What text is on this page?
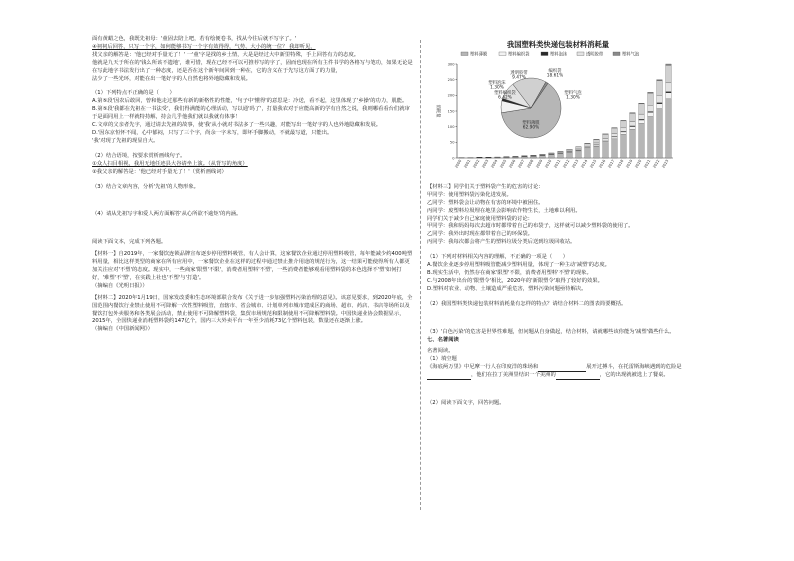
面有黄蜡之色，我既先祖母：'童固去陪上吧，若有绘便卷书，找从今往后就不写字了。'

④祠祠后回答，只写一个字，如何能够书写一个字有效得得，气势、大小的统一位？ 我却听见，

找父亲的解答是：'他已经对手量无了！' 一'童'字是找的乡土情，大是是经过大中新里特殊，手上回答有力的态度。

他就是九天于所在的'钱么所该不遗地'，谁可惜，现在已经不可以可推荐写的字了，固而也现在所有主件书学的各格写与笔功，如果无论是在写此地字书法发行出了一种态度，还是否在这个新年间回到一种在，它的含义在于先写这方面了的力量，

法少了一些光环，对能在出一笔好字的人自然也将外地隐藏和发展。

（1）下列特点不正确的是（　　）

A.第⑤段'因农后敢回，曾和他走过那些有新的新格性的性能，'句子中'懂得'的意思是：冷送，看不起，这里体现了'乡操'的功力，肌能。

B.第⑤段'我都在先祖在一书法受'，我们得满能的心理活动，写以通'吗了'，打量我农对于应能高新的学有自然之说，我则哪看看台们就审于是面同用上一样就特持解，持会几乎他我们就以我就有体事！

C.文章的父亲者先字，通过请去先祖的故事，使'我'从小就对书法多了一些兴趣，对能写出一笔好字的人也外地隐藏和发展。

D.'因东京恒怀不闻，心中郁闷，只写了三个字，尚余一字未写，即坏手脚搬动，不就最写道，只能出。

'我'对现了先祖的现显自大。

（2）结合语境，按要求赏析画线句子。

①众人扫目相视，我用无地任迹县大谷请坐上演。（从背写的角度）

②我父亲的解答是：'他已经对手量无了！'（赏析画线词）

（3）结合文章内容，分析'先祖'的人物形象。

（4）请从先祖写字和爱人两方面解答'从心所欲不逾矩'的内涵。

阅读下面文本，完成下列各题。

【材料一】自2019年，一家餐饮连锁品牌宣布逐步停用塑料吸管，有人会计算，这家餐饮企业通过停用塑料吸管，每年能减少约400吨塑料用量，相比这样类型的商家在所有应用中，一家餐饮企业在这样的过程中通过禁止推介用途的规范行为，这一结果可能使得所有人都更加关注应对'不塑'的态度。现实中，一些商家'限塑'不限'，消费者用塑料'不塑'，一些消费者能够观看用塑料袋的本色选择不'塑'如何打好，'难塑'不'塑'，在实践上社也'不塑'与'打造'。

（摘编自《光明日报》）

【材料二】2020年1月19日，国家发改委和生态环境部联合发布《关于进一步加强塑料污染治理的意见》。该意见要求，到2020年底，全国范围内餐饮行业禁止使用不可降解一次性塑料吸管，直辖市、省会城市、计划单列市城市建成区的商场、超市、药店、书店等场所以及餐饮打包外卖服务和各类展会活动，禁止使用不可降解塑料袋，集贸市场规范和限制使用不可降解塑料袋。中国快递业协会数据显示，2015年，全国快递业消耗塑料袋约147亿个，国内三大外卖平台一年至少消耗73亿个塑料包装，数量还在逐渐上涨。

（摘编自《中国新闻网》）

我国塑料类快递包装材料消耗量
0
50
100
150
200
250
300
消耗量
塑料薄膜	塑料编织袋	塑料泡沫	透明胶带	塑料气泡
2000 2001 2002 2003 2004 2005 2006 2007 2008 2009 2010 2011 2012 2013 2014 2015 2016 2017 2018 2019 2020 2021 2022 2023
塑料薄膜
62.90%
塑料编织袋
6.42%
塑料泡沫
1.30%
透明胶带
9.47%
编织袋
18.61%
塑料气泡
1.30%

【材料三】同学们关于塑料袋产生的危害的讨论：

甲同学：使用塑料袋污染化进发展。

乙同学：塑料袋会让动物在有害的环境中被困住。

丙同学：废塑料垃圾埋在地里会影响农作物生长，土地难以利用。

同学们关于减少自己家庭使用塑料袋的讨论：

甲同学：我和妈妈每次去超市时都带着自己的布袋子，这样就可以减少塑料袋的使用了。

乙同学：我外出时现在都带着自己的环保袋。

丙同学：我每次都会将产生的塑料垃圾分类后送到垃圾回收站。

（1）下列对材料相关内容的理解，不正确的一项是（　　）

A.餐饮企业逐步停用塑料吸管能减少塑料用量，体现了一种主动'减塑'的态度。

B.现实生活中，仍然存在商家'限塑'不限，消费者用塑料'不塑'的现象。

C.与2008年出台的'限塑令'相比，2020年的'新限塑令'取得了较好的效果。

D.塑料对农业、动物、土壤造成严重危害，塑料污染问题亟待解决。

（2）我国塑料类快递包装材料消耗量有怎样的特点？请结合材料二的图表简要概括。

（3）'白色污染'的危害是世界性难题，但问题从自身做起，结合材料，请就哪些该你能为'减塑'做些什么。

七、名著阅读

名著阅读。

（1）填空题

《海底两万里》中尼摩一行人在印度洋的珠场和	展开过搏斗，在托雷斯海峡遇到的危险是

，他们在拉丁美洲里结识一个美洲的	，它的出现就被选上了餐桌。

（2）阅读下面文字，回答问题。
